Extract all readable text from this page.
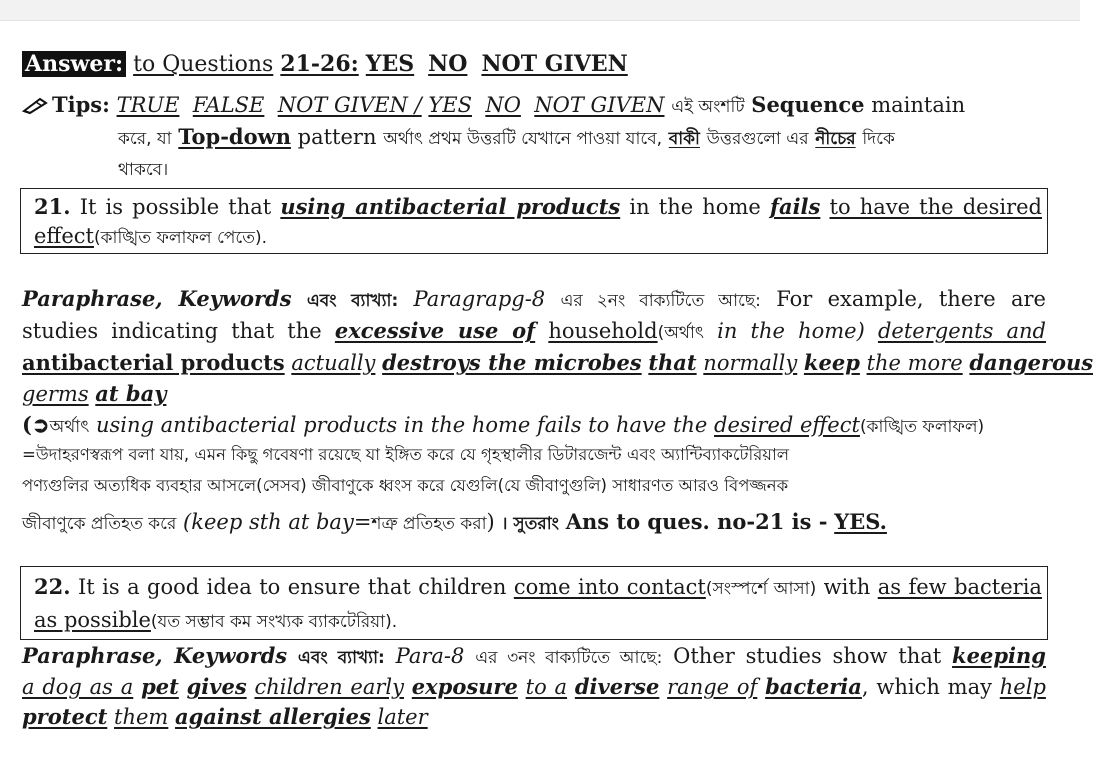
Answer: to Questions 21-26: YES NO NOT GIVEN
Tips: TRUE FALSE NOT GIVEN / YES NO NOT GIVEN এই অংশটি Sequence maintain
করে, যা Top-down pattern অর্থাৎ প্রথম উত্তরটি যেখানে পাওয়া যাবে, বাকী উত্তরগুলো এর নীচের দিকে
থাকবে।
21. It is possible that using antibacterial products in the home fails to have the desired
effect(কাঙ্খিত ফলাফল পেতে).
Paraphrase, Keywords এবং ব্যাখ্যা: Paragrapg-8 এর ২নং বাক্যটিতে আছে: For example, there are
studies indicating that the excessive use of household(অর্থাৎ in the home) detergents and
antibacterial products actually destroys the microbes that normally keep the more dangerous
germs at bay
(➲অর্থাৎ using antibacterial products in the home fails to have the desired effect(কাঙ্খিত ফলাফল)
=উদাহরণস্বরূপ বলা যায়, এমন কিছু গবেষণা রয়েছে যা ইঙ্গিত করে যে গৃহস্থালীর ডিটারজেন্ট এবং অ্যান্টিব্যাকটেরিয়াল
পণ্যগুলির অত্যধিক ব্যবহার আসলে(সেসব) জীবাণুকে ধ্বংস করে যেগুলি(যে জীবাণুগুলি) সাধারণত আরও বিপজ্জনক
জীবাণুকে প্রতিহত করে (keep sth at bay=শত্রু প্রতিহত করা) । সুতরাং Ans to ques. no-21 is - YES.
22. It is a good idea to ensure that children come into contact(সংস্পর্শে আসা) with as few bacteria
as possible(যত সম্ভাব কম সংখ্যক ব্যাকটেরিয়া).
Paraphrase, Keywords এবং ব্যাখ্যা: Para-8 এর ৩নং বাক্যটিতে আছে: Other studies show that keeping
a dog as a pet gives children early exposure to a diverse range of bacteria, which may help
protect them against allergies later
